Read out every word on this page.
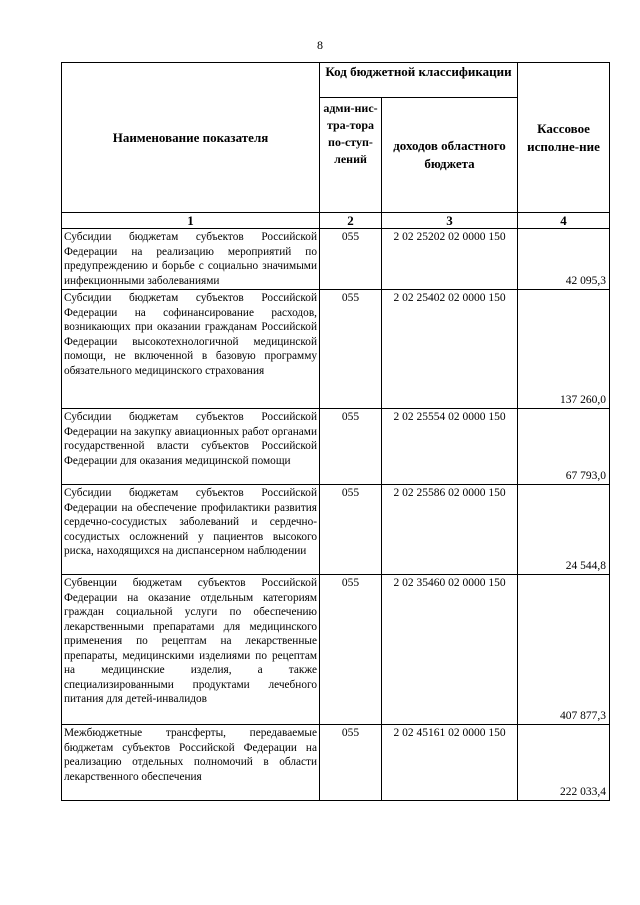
8
Наименование показателя	Код бюджетной классификации		Кассовое исполне-ние
	адми-нис-тра-тора по-ступ-лений	доходов областного бюджета	
1	2	3	4
Субсидии бюджетам субъектов Российской Федерации на реализацию мероприятий по предупреждению и борьбе с социально значимыми инфекционными заболеваниями	055	2 02 25202 02 0000 150	42 095,3
Субсидии бюджетам субъектов Российской Федерации на софинансирование расходов, возникающих при оказании гражданам Российской Федерации высокотехнологичной медицинской помощи, не включенной в базовую программу обязательного медицинского страхования	055	2 02 25402 02 0000 150	137 260,0
Субсидии бюджетам субъектов Российской Федерации на закупку авиационных работ органами государственной власти субъектов Российской Федерации для оказания медицинской помощи	055	2 02 25554 02 0000 150	67 793,0
Субсидии бюджетам субъектов Российской Федерации на обеспечение профилактики развития сердечно-сосудистых заболеваний и сердечно-сосудистых осложнений у пациентов высокого риска, находящихся на диспансерном наблюдении	055	2 02 25586 02 0000 150	24 544,8
Субвенции бюджетам субъектов Российской Федерации на оказание отдельным категориям граждан социальной услуги по обеспечению лекарственными препаратами для медицинского применения по рецептам на лекарственные препараты, медицинскими изделиями по рецептам на медицинские изделия, а также специализированными продуктами лечебного питания для детей-инвалидов	055	2 02 35460 02 0000 150	407 877,3
Межбюджетные трансферты, передаваемые бюджетам субъектов Российской Федерации на реализацию отдельных полномочий в области лекарственного обеспечения	055	2 02 45161 02 0000 150	222 033,4
